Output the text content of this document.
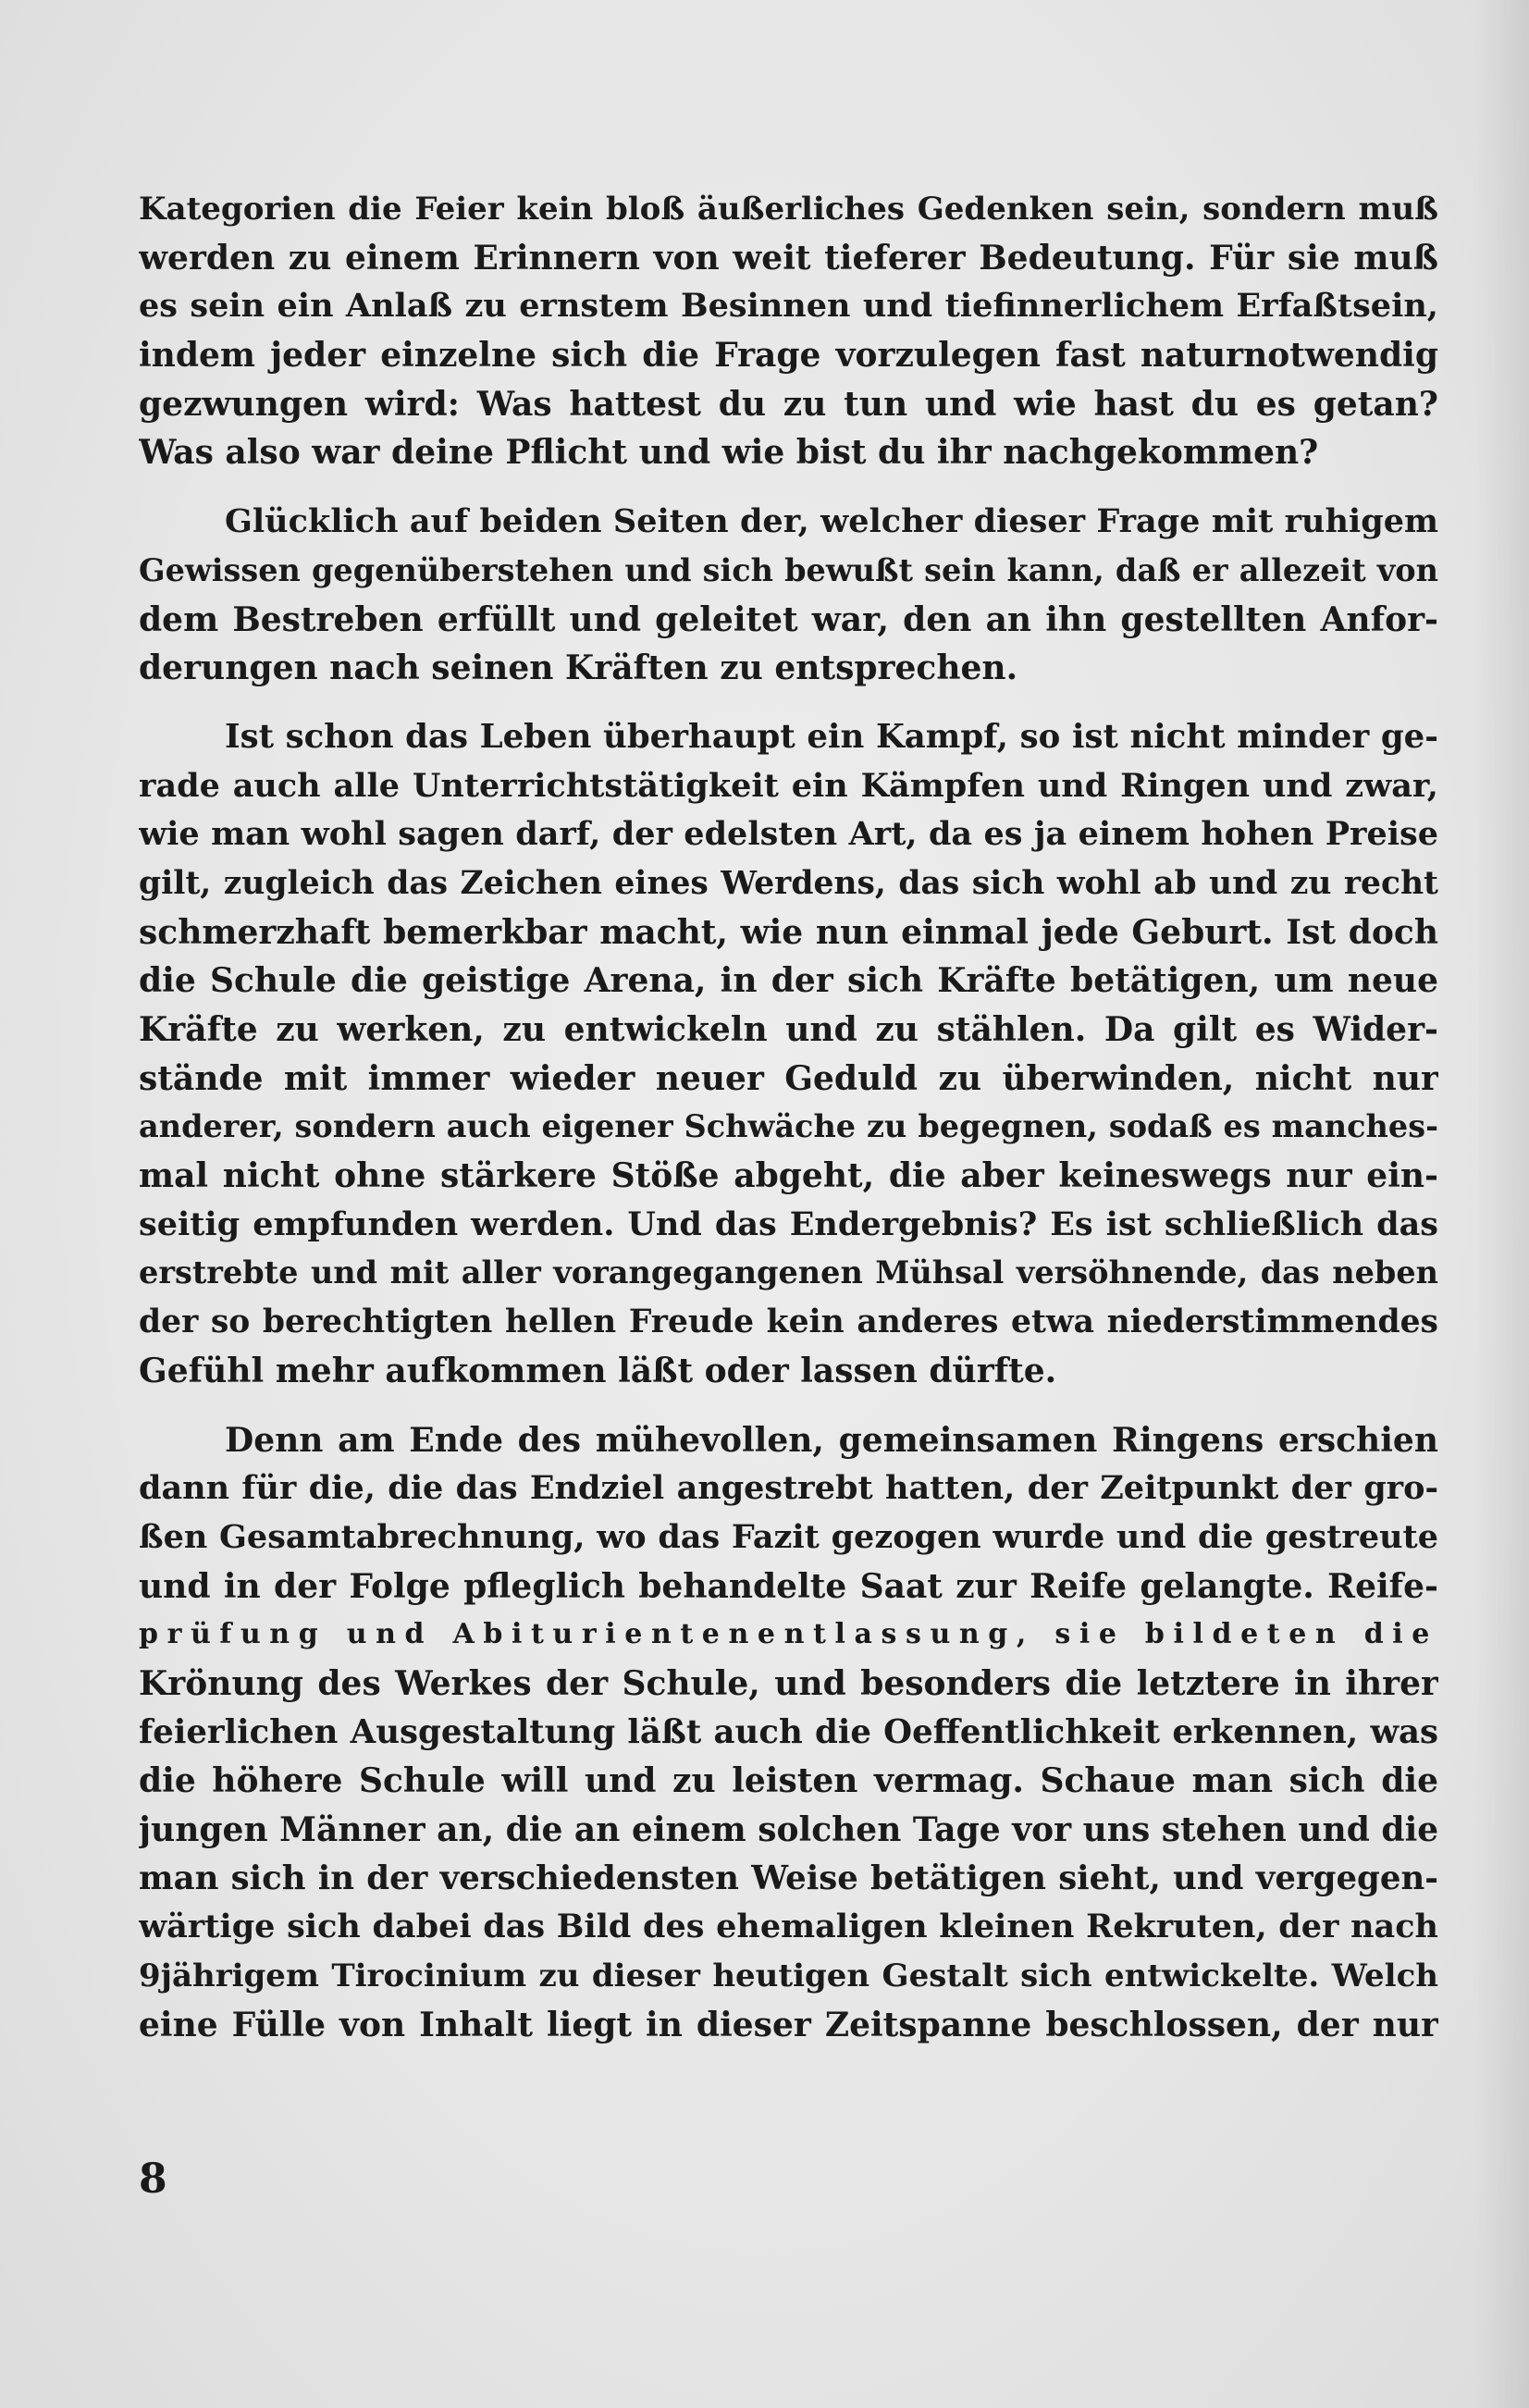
Kategorien die Feier kein bloß äußerliches Gedenken sein, sondern muß
werden zu einem Erinnern von weit tieferer Bedeutung. Für sie muß
es sein ein Anlaß zu ernstem Besinnen und tiefinnerlichem Erfaßtsein,
indem jeder einzelne sich die Frage vorzulegen fast naturnotwendig
gezwungen wird: Was hattest du zu tun und wie hast du es getan?
Was also war deine Pflicht und wie bist du ihr nachgekommen?
Glücklich auf beiden Seiten der, welcher dieser Frage mit ruhigem
Gewissen gegenüberstehen und sich bewußt sein kann, daß er allezeit von
dem Bestreben erfüllt und geleitet war, den an ihn gestellten Anfor-
derungen nach seinen Kräften zu entsprechen.
Ist schon das Leben überhaupt ein Kampf, so ist nicht minder ge-
rade auch alle Unterrichtstätigkeit ein Kämpfen und Ringen und zwar,
wie man wohl sagen darf, der edelsten Art, da es ja einem hohen Preise
gilt, zugleich das Zeichen eines Werdens, das sich wohl ab und zu recht
schmerzhaft bemerkbar macht, wie nun einmal jede Geburt. Ist doch
die Schule die geistige Arena, in der sich Kräfte betätigen, um neue
Kräfte zu werken, zu entwickeln und zu stählen. Da gilt es Wider-
stände mit immer wieder neuer Geduld zu überwinden, nicht nur
anderer, sondern auch eigener Schwäche zu begegnen, sodaß es manches-
mal nicht ohne stärkere Stöße abgeht, die aber keineswegs nur ein-
seitig empfunden werden. Und das Endergebnis? Es ist schließlich das
erstrebte und mit aller vorangegangenen Mühsal versöhnende, das neben
der so berechtigten hellen Freude kein anderes etwa niederstimmendes
Gefühl mehr aufkommen läßt oder lassen dürfte.
Denn am Ende des mühevollen, gemeinsamen Ringens erschien
dann für die, die das Endziel angestrebt hatten, der Zeitpunkt der gro-
ßen Gesamtabrechnung, wo das Fazit gezogen wurde und die gestreute
und in der Folge pfleglich behandelte Saat zur Reife gelangte. Reife-
prüfung und Abiturientenentlassung, sie bildeten die
Krönung des Werkes der Schule, und besonders die letztere in ihrer
feierlichen Ausgestaltung läßt auch die Oeffentlichkeit erkennen, was
die höhere Schule will und zu leisten vermag. Schaue man sich die
jungen Männer an, die an einem solchen Tage vor uns stehen und die
man sich in der verschiedensten Weise betätigen sieht, und vergegen-
wärtige sich dabei das Bild des ehemaligen kleinen Rekruten, der nach
9jährigem Tirocinium zu dieser heutigen Gestalt sich entwickelte. Welch
eine Fülle von Inhalt liegt in dieser Zeitspanne beschlossen, der nur
8
